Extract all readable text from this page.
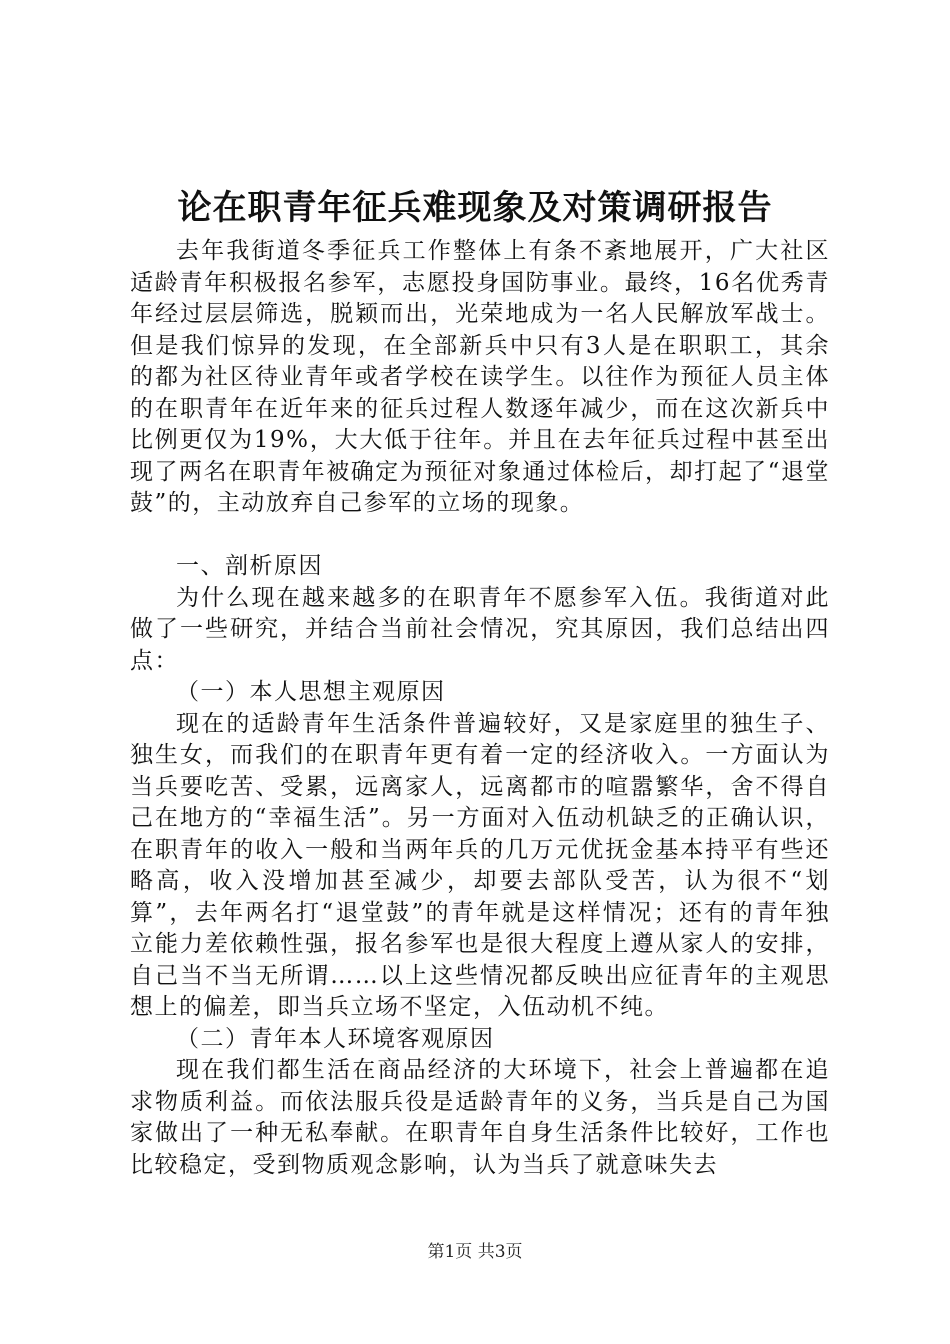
论在职青年征兵难现象及对策调研报告

去年我街道冬季征兵工作整体上有条不紊地展开，广大社区适龄青年积极报名参军，志愿投身国防事业。最终，16名优秀青年经过层层筛选，脱颖而出，光荣地成为一名人民解放军战士。但是我们惊异的发现，在全部新兵中只有3人是在职职工，其余的都为社区待业青年或者学校在读学生。以往作为预征人员主体的在职青年在近年来的征兵过程人数逐年减少，而在这次新兵中比例更仅为19%，大大低于往年。并且在去年征兵过程中甚至出现了两名在职青年被确定为预征对象通过体检后，却打起了“退堂鼓”的，主动放弃自己参军的立场的现象。

一、剖析原因

为什么现在越来越多的在职青年不愿参军入伍。我街道对此做了一些研究，并结合当前社会情况，究其原因，我们总结出四点：

（一）本人思想主观原因

现在的适龄青年生活条件普遍较好，又是家庭里的独生子、独生女，而我们的在职青年更有着一定的经济收入。一方面认为当兵要吃苦、受累，远离家人，远离都市的喧嚣繁华，舍不得自己在地方的“幸福生活”。另一方面对入伍动机缺乏的正确认识，在职青年的收入一般和当两年兵的几万元优抚金基本持平有些还略高，收入没增加甚至减少，却要去部队受苦，认为很不“划算”，去年两名打“退堂鼓”的青年就是这样情况；还有的青年独立能力差依赖性强，报名参军也是很大程度上遵从家人的安排，自己当不当无所谓……以上这些情况都反映出应征青年的主观思想上的偏差，即当兵立场不坚定，入伍动机不纯。

（二）青年本人环境客观原因

现在我们都生活在商品经济的大环境下，社会上普遍都在追求物质利益。而依法服兵役是适龄青年的义务，当兵是自己为国家做出了一种无私奉献。在职青年自身生活条件比较好，工作也比较稳定，受到物质观念影响，认为当兵了就意味失去

第1页 共3页
